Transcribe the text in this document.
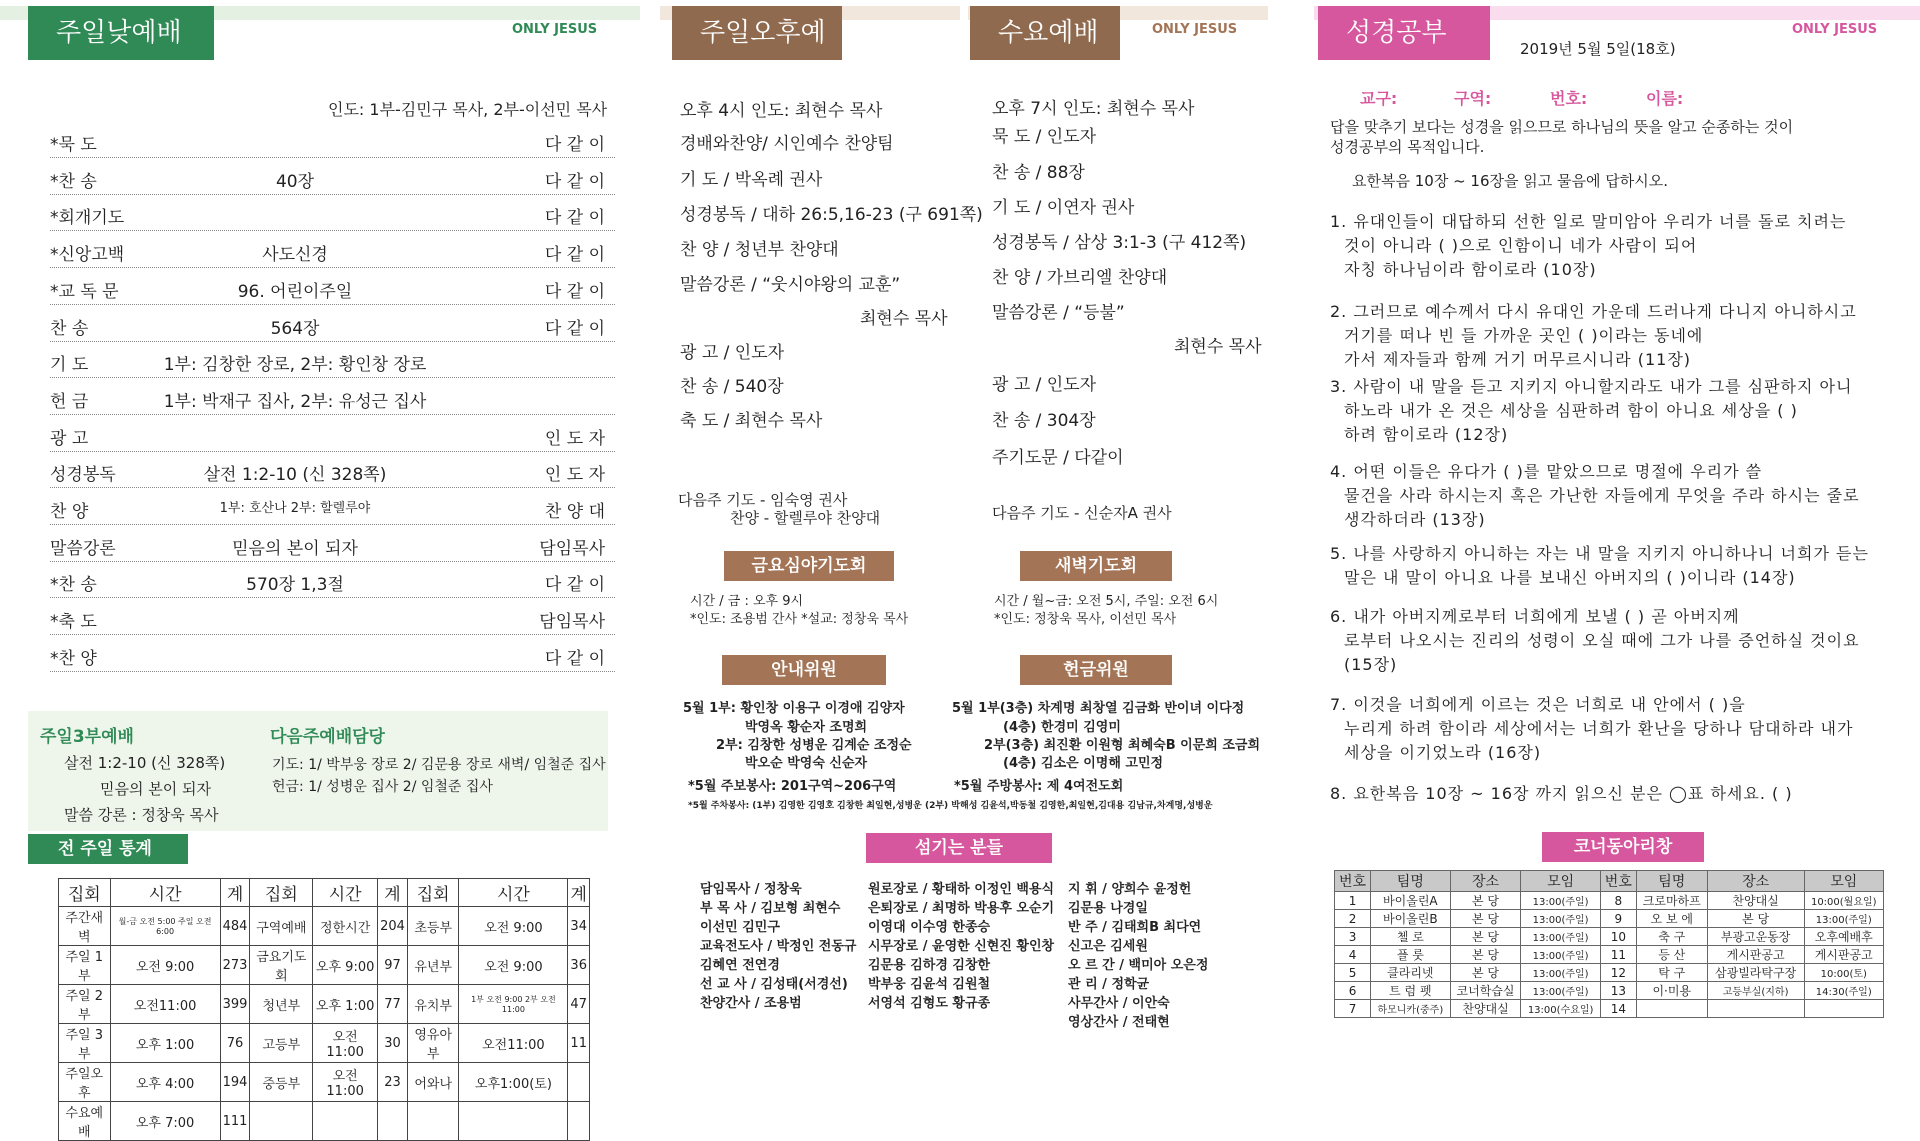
주일낮예배	ONLY JESUS
인도: 1부-김민구 목사, 2부-이선민 목사
*묵 도	다 같 이
*찬 송	40장	다 같 이
*회개기도	다 같 이
*신앙고백	사도신경	다 같 이
*교 독 문	96. 어린이주일	다 같 이
찬 송	564장	다 같 이
기 도	1부: 김창한 장로, 2부: 황인창 장로
헌 금	1부: 박재구 집사, 2부: 유성근 집사
광 고	인 도 자
성경봉독	살전 1:2-10 (신 328쪽)	인 도 자
찬 양	1부: 호산나 2부: 할렐루야	찬 양 대
말씀강론	믿음의 본이 되자	담임목사
*찬 송	570장 1,3절	다 같 이
*축 도	담임목사
*찬 양	다 같 이
주일3부예배
살전 1:2-10 (신 328쪽)
믿음의 본이 되자
말씀 강론 : 정창욱 목사
다음주예배담당
기도: 1/ 박부웅 장로 2/ 김문용 장로 새벽/ 임철준 집사
헌금: 1/ 성병운 집사 2/ 임철준 집사
전 주일 통계
집회	시간	계	집회	시간	계	집회	시간	계
주간새벽	월-금 오전 5:00 주일 오전 6:00	484	구역예배	정한시간	204	초등부	오전 9:00	34
주일 1부	오전 9:00	273	금요기도회	오후 9:00	97	유년부	오전 9:00	36
주일 2부	오전11:00	399	청년부	오후 1:00	77	유치부	1부 오전 9:00 2부 오전 11:00	47
주일 3부	오후 1:00	76	고등부	오전11:00	30	영유아부	오전11:00	11
주일오후	오후 4:00	194	중등부	오전11:00	23	어와나	오후1:00(토)	
수요예배	오후 7:00	111						
주일오후예배
오후 4시 인도: 최현수 목사
경배와찬양/ 시인예수 찬양팀
기 도 / 박옥례 권사
성경봉독 / 대하 26:5,16-23 (구 691쪽)
찬 양 / 청년부 찬양대
말씀강론 / “웃시야왕의 교훈”
최현수 목사
광 고 / 인도자
찬 송 / 540장
축 도 / 최현수 목사
다음주 기도 - 임숙영 권사
찬양 - 할렐루야 찬양대
수요예배	ONLY JESUS
오후 7시 인도: 최현수 목사
묵 도 / 인도자
찬 송 / 88장
기 도 / 이연자 권사
성경봉독 / 삼상 3:1-3 (구 412쪽)
찬 양 / 가브리엘 찬양대
말씀강론 / “등불”
최현수 목사
광 고 / 인도자
찬 송 / 304장
주기도문 / 다같이
다음주 기도 - 신순자A 권사
금요심야기도회
시간 / 금 : 오후 9시
*인도: 조용범 간사 *설교: 정창욱 목사
새벽기도회
시간 / 월~금: 오전 5시, 주일: 오전 6시
*인도: 정창욱 목사, 이선민 목사
안내위원
5월 1부: 황인창 이용구 이경애 김양자
박영옥 황순자 조명희
2부: 김창한 성병운 김계순 조정순
박오순 박영숙 신순자
*5월 주보봉사: 201구역~206구역
*5월 주차봉사: (1부) 김영한 김영호 김창한 최일현,성병운 (2부) 박해성 김윤석,박동철 김영한,최일현,김대용 김남규,차계명,성병운
헌금위원
5월 1부(3층) 차계명 최창열 김금화 반이녀 이다정
(4층) 한경미 김영미
2부(3층) 최진환 이원형 최혜숙B 이문희 조금희
(4층) 김소은 이명해 고민정
*5월 주방봉사: 제 4여전도회
섬기는 분들
담임목사 / 정창욱
부 목 사 / 김보형 최현수
이선민 김민구
교육전도사 / 박정인 전동규
김혜연 전연경
선 교 사 / 김성태(서경선)
찬양간사 / 조용범
원로장로 / 황태하 이정인 백용식
은퇴장로 / 최명하 박용후 오순기
이영대 이수영 한종승
시무장로 / 윤영한 신현진 황인창
김문용 김하경 김창한
박부웅 김윤석 김원철
서영석 김형도 황규종
지 휘 / 양희수 윤정헌
김문용 나경일
반 주 / 김태희B 최다연
신고은 김세원
오 르 간 / 백미아 오은정
관 리 / 정학균
사무간사 / 이안숙
영상간사 / 전태현
성경공부
2019년 5월 5일(18호)
ONLY JESUS
교구:	구역:	번호:	이름:
답을 맞추기 보다는 성경을 읽으므로 하나님의 뜻을 알고 순종하는 것이
성경공부의 목적입니다.
요한복음 10장 ~ 16장을 읽고 물음에 답하시오.
1. 유대인들이 대답하되 선한 일로 말미암아 우리가 너를 돌로 치려는
것이 아니라 ( )으로 인함이니 네가 사람이 되어
자칭 하나님이라 함이로라 (10장)
2. 그러므로 예수께서 다시 유대인 가운데 드러나게 다니지 아니하시고
거기를 떠나 빈 들 가까운 곳인 ( )이라는 동네에
가서 제자들과 함께 거기 머무르시니라 (11장)
3. 사람이 내 말을 듣고 지키지 아니할지라도 내가 그를 심판하지 아니
하노라 내가 온 것은 세상을 심판하려 함이 아니요 세상을 ( )
하려 함이로라 (12장)
4. 어떤 이들은 유다가 ( )를 맡았으므로 명절에 우리가 쓸
물건을 사라 하시는지 혹은 가난한 자들에게 무엇을 주라 하시는 줄로
생각하더라 (13장)
5. 나를 사랑하지 아니하는 자는 내 말을 지키지 아니하나니 너희가 듣는
말은 내 말이 아니요 나를 보내신 아버지의 ( )이니라 (14장)
6. 내가 아버지께로부터 너희에게 보낼 ( ) 곧 아버지께
로부터 나오시는 진리의 성령이 오실 때에 그가 나를 증언하실 것이요
(15장)
7. 이것을 너희에게 이르는 것은 너희로 내 안에서 ( )을
누리게 하려 함이라 세상에서는 너희가 환난을 당하나 담대하라 내가
세상을 이기었노라 (16장)
8. 요한복음 10장 ~ 16장 까지 읽으신 분은 ◯표 하세요. ( )
코너동아리창
번호	팀명	장소	모임	번호	팀명	장소	모임
1	바이올린A	본 당	13:00(주일)	8	크로마하프	찬양대실	10:00(월요일)
2	바이올린B	본 당	13:00(주일)	9	오 보 에	본 당	13:00(주일)
3	첼 로	본 당	13:00(주일)	10	축 구	부광고운동장	오후예배후
4	플 룻	본 당	13:00(주일)	11	등 산	게시판공고	게시판공고
5	클라리넷	본 당	13:00(주일)	12	탁 구	삼광빌라탁구장	10:00(토)
6	트 럼 펫	코너학습실	13:00(주일)	13	이·미용	고등부실(지하)	14:30(주일)
7	하모니카(중주)	찬양대실	13:00(수요일)	14			
